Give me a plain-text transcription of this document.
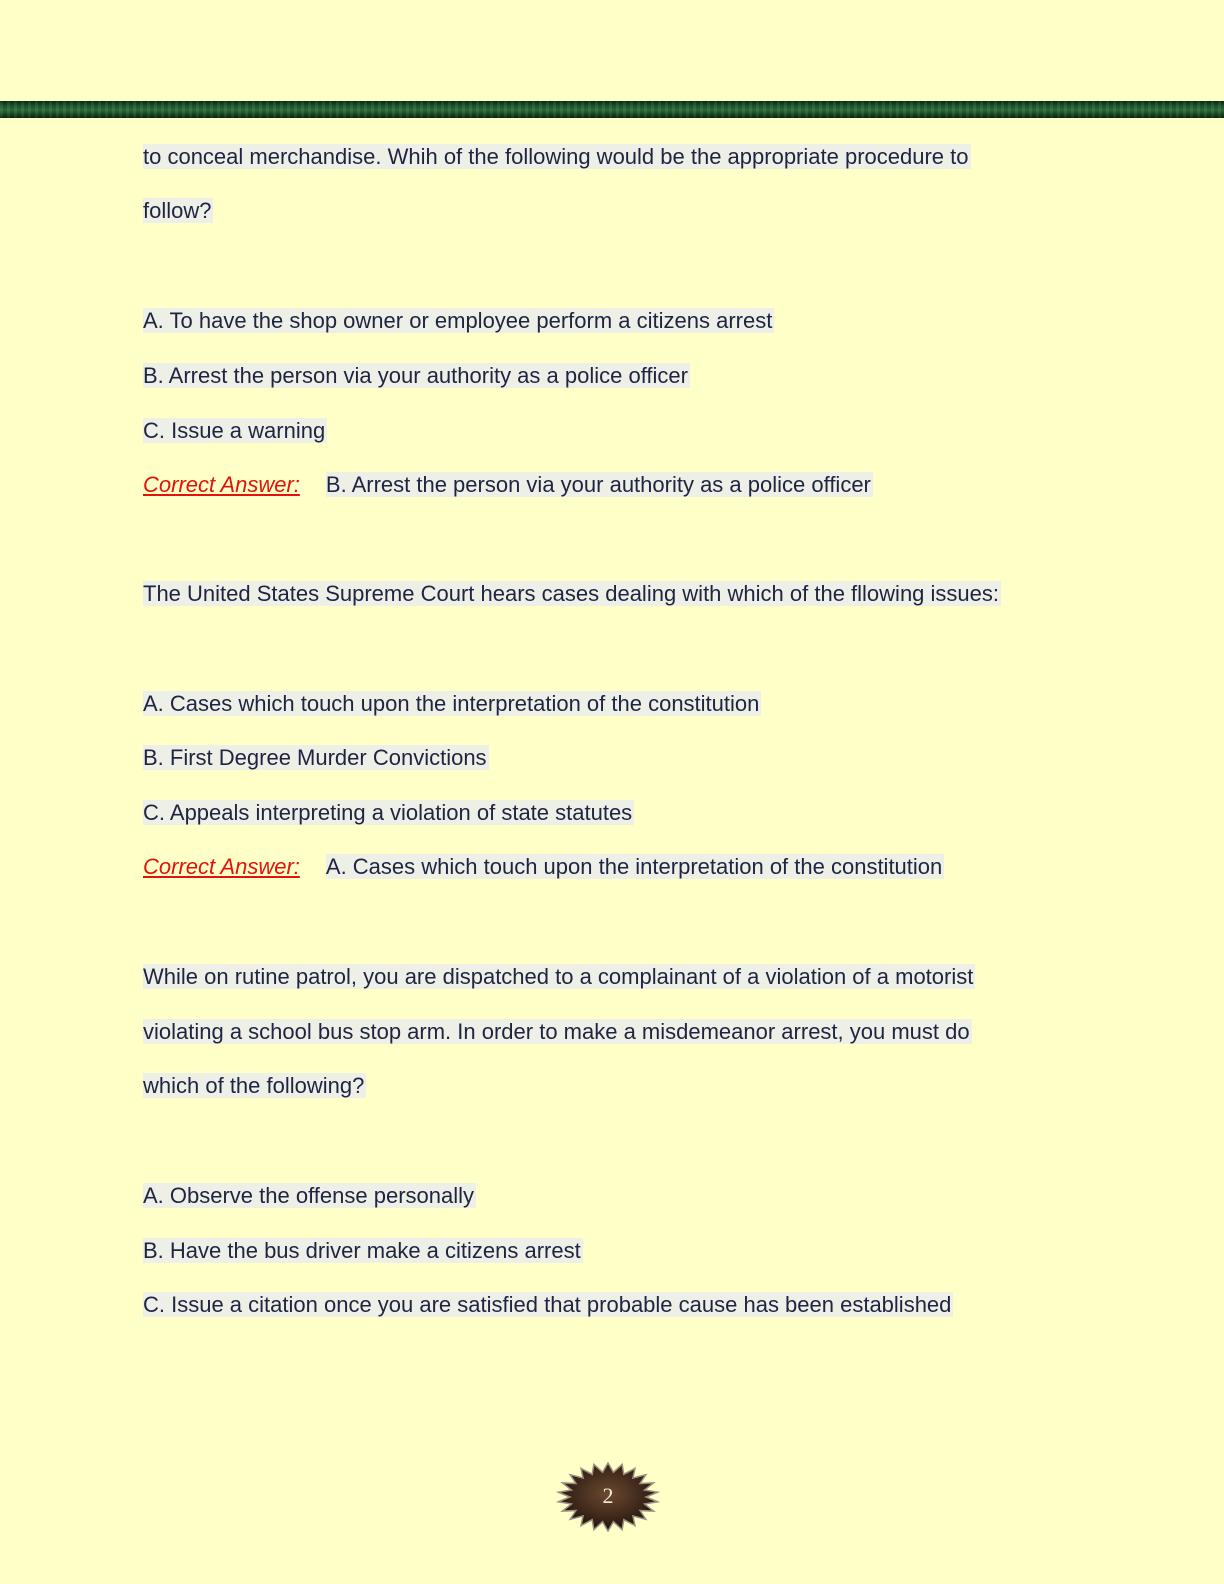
to conceal merchandise. Whih of the following would be the appropriate procedure to
follow?
A. To have the shop owner or employee perform a citizens arrest
B. Arrest the person via your authority as a police officer
C. Issue a warning
Correct Answer: B. Arrest the person via your authority as a police officer
The United States Supreme Court hears cases dealing with which of the fllowing issues:
A. Cases which touch upon the interpretation of the constitution
B. First Degree Murder Convictions
C. Appeals interpreting a violation of state statutes
Correct Answer: A. Cases which touch upon the interpretation of the constitution
While on rutine patrol, you are dispatched to a complainant of a violation of a motorist
violating a school bus stop arm. In order to make a misdemeanor arrest, you must do
which of the following?
A. Observe the offense personally
B. Have the bus driver make a citizens arrest
C. Issue a citation once you are satisfied that probable cause has been established
2
